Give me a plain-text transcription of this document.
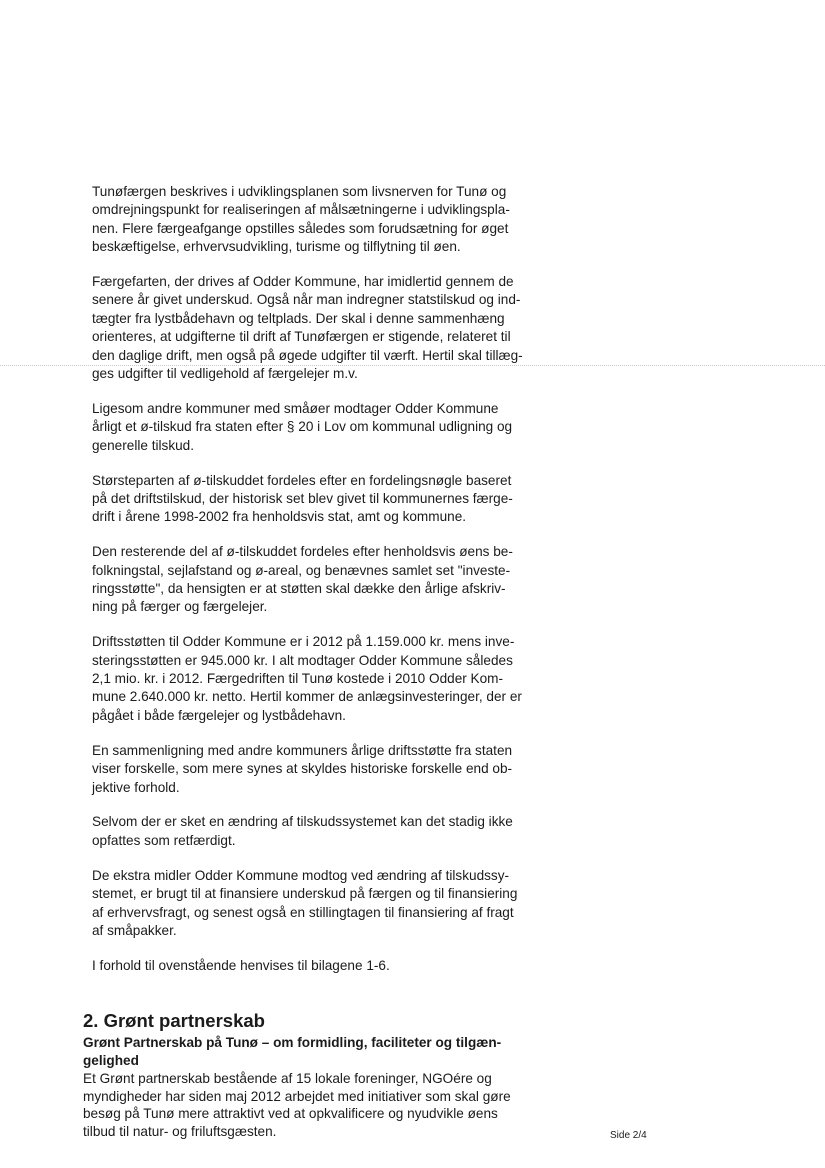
Tunøfærgen beskrives i udviklingsplanen som livsnerven for Tunø og
omdrejningspunkt for realiseringen af målsætningerne i udviklingspla-
nen. Flere færgeafgange opstilles således som forudsætning for øget
beskæftigelse, erhvervsudvikling, turisme og tilflytning til øen.
Færgefarten, der drives af Odder Kommune, har imidlertid gennem de
senere år givet underskud. Også når man indregner statstilskud og ind-
tægter fra lystbådehavn og teltplads. Der skal i denne sammenhæng
orienteres, at udgifterne til drift af Tunøfærgen er stigende, relateret til
den daglige drift, men også på øgede udgifter til værft. Hertil skal tillæg-
ges udgifter til vedligehold af færgelejer m.v.
Ligesom andre kommuner med småøer modtager Odder Kommune
årligt et ø-tilskud fra staten efter § 20 i Lov om kommunal udligning og
generelle tilskud.
Størsteparten af ø-tilskuddet fordeles efter en fordelingsnøgle baseret
på det driftstilskud, der historisk set blev givet til kommunernes færge-
drift i årene 1998-2002 fra henholdsvis stat, amt og kommune.
Den resterende del af ø-tilskuddet fordeles efter henholdsvis øens be-
folkningstal, sejlafstand og ø-areal, og benævnes samlet set "investe-
ringsstøtte", da hensigten er at støtten skal dække den årlige afskriv-
ning på færger og færgelejer.
Driftsstøtten til Odder Kommune er i 2012 på 1.159.000 kr. mens inve-
steringsstøtten er 945.000 kr. I alt modtager Odder Kommune således
2,1 mio. kr. i 2012. Færgedriften til Tunø kostede i 2010 Odder Kom-
mune 2.640.000 kr. netto. Hertil kommer de anlægsinvesteringer, der er
pågået i både færgelejer og lystbådehavn.
En sammenligning med andre kommuners årlige driftsstøtte fra staten
viser forskelle, som mere synes at skyldes historiske forskelle end ob-
jektive forhold.
Selvom der er sket en ændring af tilskudssystemet kan det stadig ikke
opfattes som retfærdigt.
De ekstra midler Odder Kommune modtog ved ændring af tilskudssy-
stemet, er brugt til at finansiere underskud på færgen og til finansiering
af erhvervsfragt, og senest også en stillingtagen til finansiering af fragt
af småpakker.
I forhold til ovenstående henvises til bilagene 1-6.
2. Grønt partnerskab
Grønt Partnerskab på Tunø – om formidling, faciliteter og tilgæn-
gelighed
Et Grønt partnerskab bestående af 15 lokale foreninger, NGOére og
myndigheder har siden maj 2012 arbejdet med initiativer som skal gøre
besøg på Tunø mere attraktivt ved at opkvalificere og nyudvikle øens
tilbud til natur- og friluftsgæsten.	Side 2/4
